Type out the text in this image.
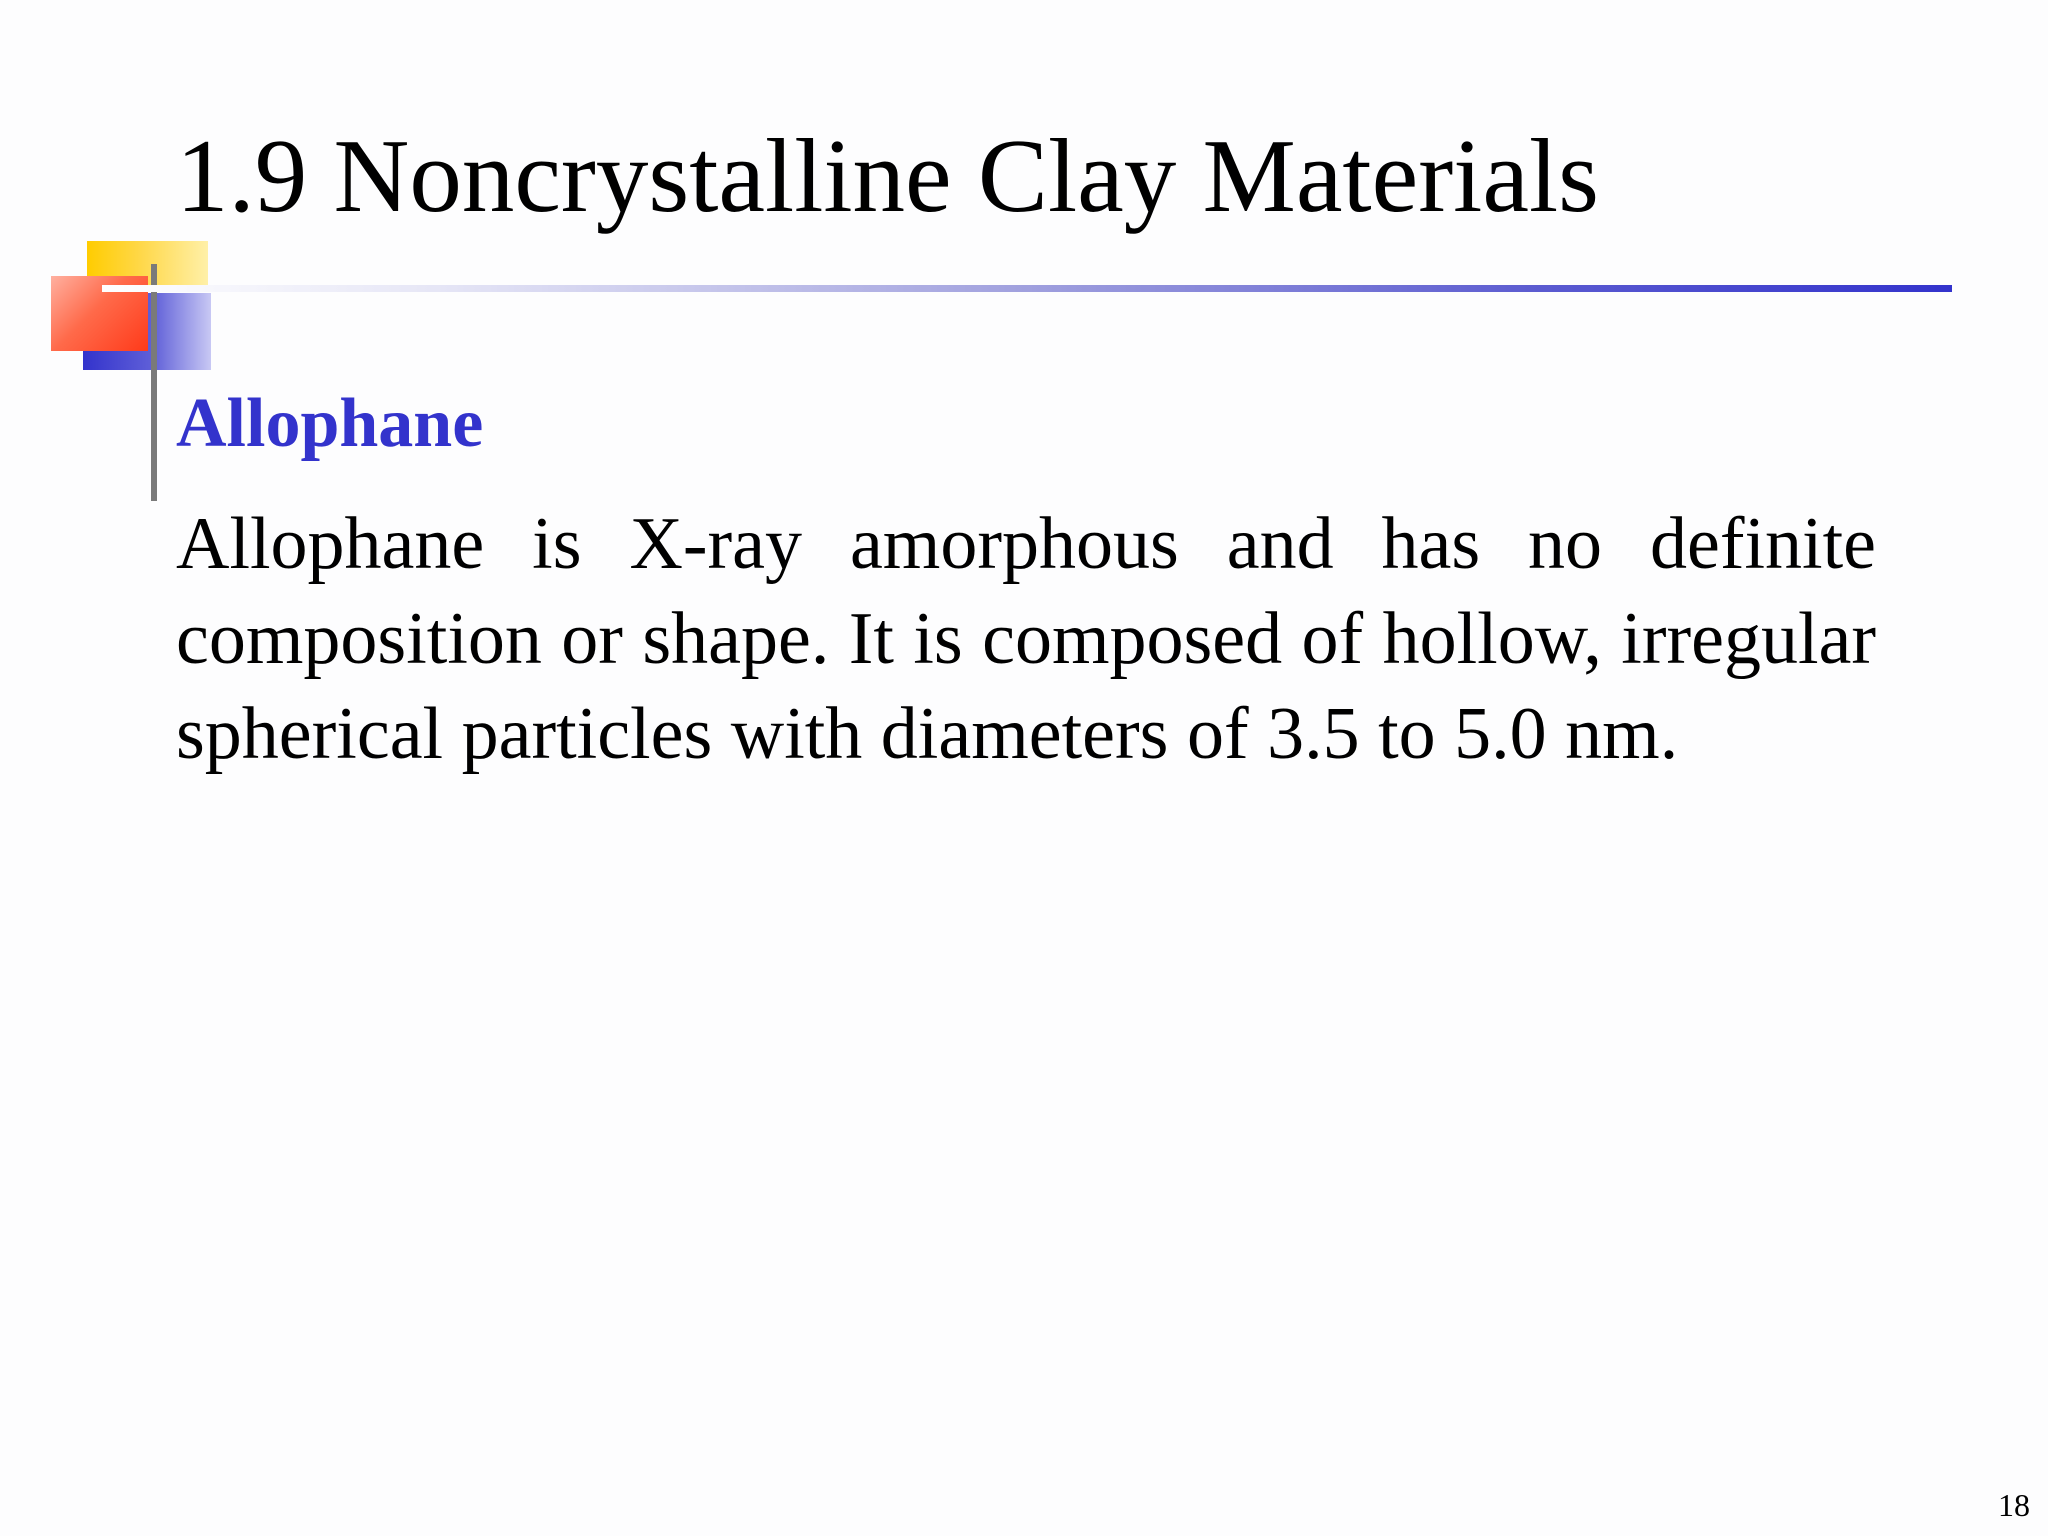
1.9 Noncrystalline Clay Materials
Allophane

Allophane is X-ray amorphous and has no definite composition or shape. It is composed of hollow, irregular spherical particles with diameters of 3.5 to 5.0 nm.

18
